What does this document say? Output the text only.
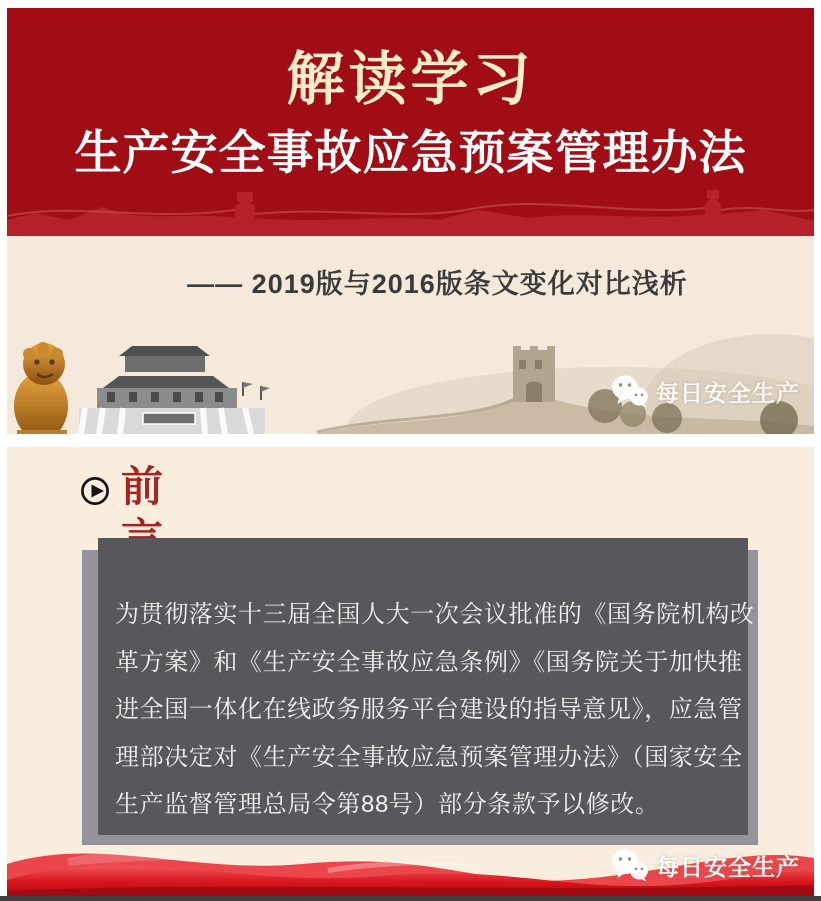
解读学习
生产安全事故应急预案管理办法
—— 2019版与2016版条文变化对比浅析
每日安全生产
前

为贯彻落实十三届全国人大一次会议批准的《国务院机构改

革方案》和《生产安全事故应急条例》《国务院关于加快推

进全国一体化在线政务服务平台建设的指导意见》，应急管

理部决定对《生产安全事故应急预案管理办法》（国家安全

生产监督管理总局令第88号）部分条款予以修改。

每日安全生产
